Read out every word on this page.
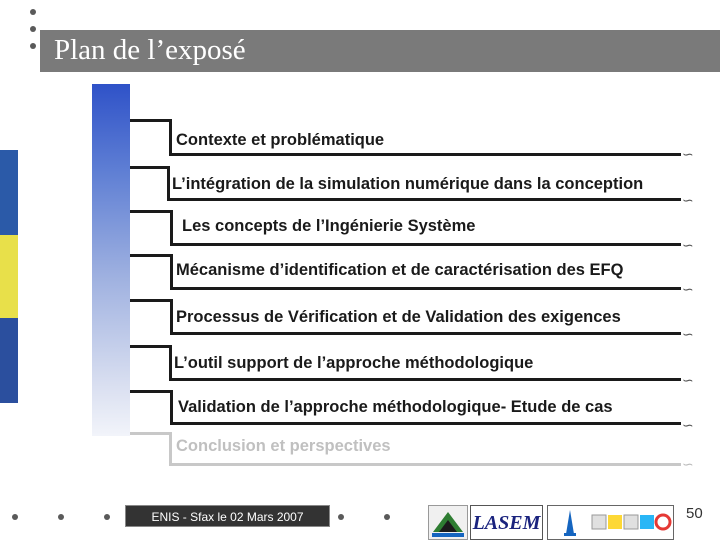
Plan de l’exposé
Contexte et problématique
∽
L’intégration de la simulation numérique dans la conception
∽
Les concepts de l’Ingénierie Système
∽
Mécanisme d’identification et de caractérisation des EFQ
∽
Processus de Vérification et de Validation des exigences
∽
L’outil support de l’approche méthodologique
∽
Validation de l’approche méthodologique- Etude de cas
∽
Conclusion et perspectives
∽
ENIS - Sfax le 02 Mars 2007	LASEM	50
